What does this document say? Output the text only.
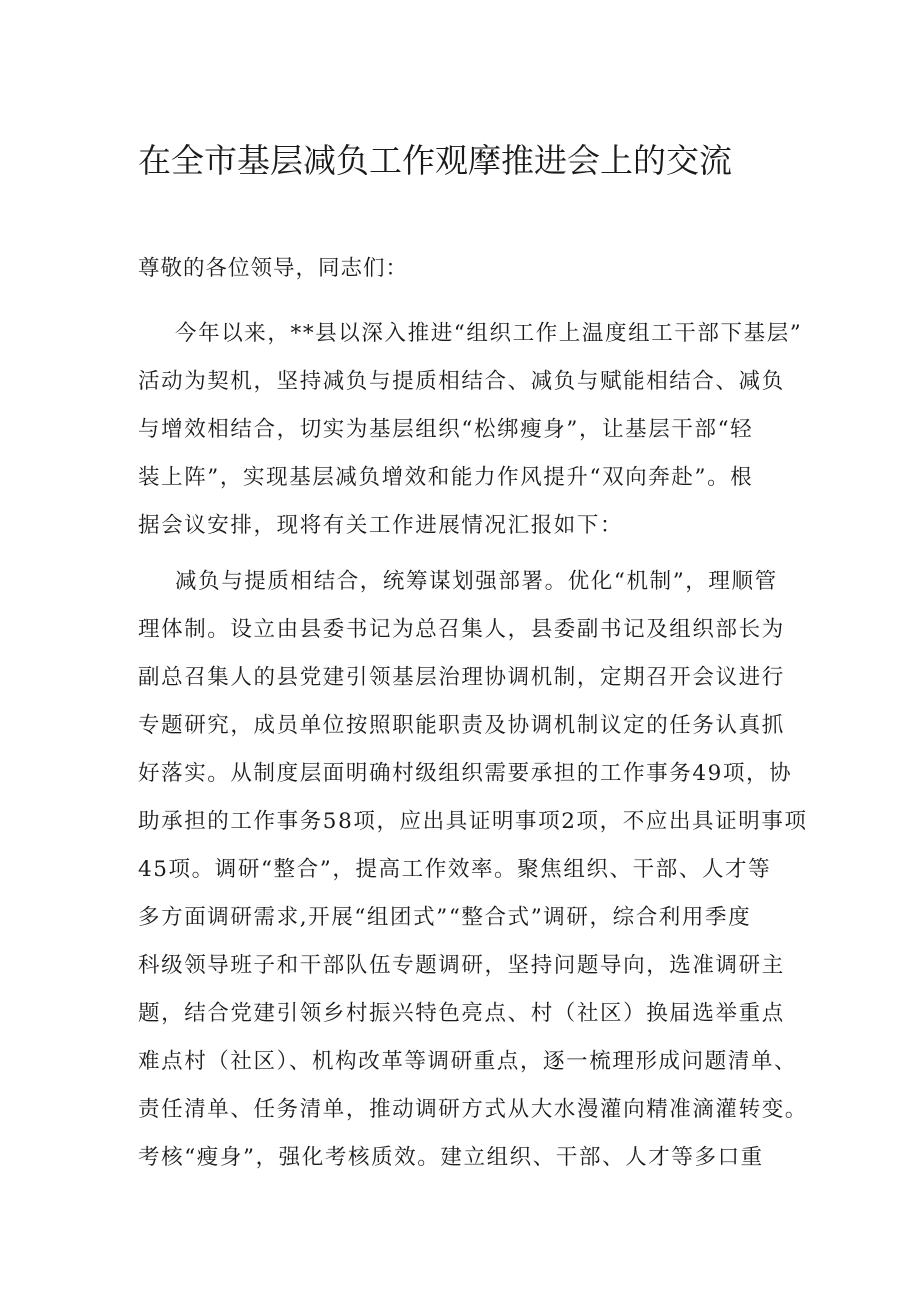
在全市基层减负工作观摩推进会上的交流
尊敬的各位领导，同志们：
今年以来，**县以深入推进“组织工作上温度组工干部下基层”
活动为契机，坚持减负与提质相结合、减负与赋能相结合、减负
与增效相结合，切实为基层组织“松绑瘦身”，让基层干部“轻
装上阵”，实现基层减负增效和能力作风提升“双向奔赴”。根
据会议安排，现将有关工作进展情况汇报如下：
减负与提质相结合，统筹谋划强部署。优化“机制”，理顺管
理体制。设立由县委书记为总召集人，县委副书记及组织部长为
副总召集人的县党建引领基层治理协调机制，定期召开会议进行
专题研究，成员单位按照职能职责及协调机制议定的任务认真抓
好落实。从制度层面明确村级组织需要承担的工作事务49项，协
助承担的工作事务58项，应出具证明事项2项，不应出具证明事项
45项。调研“整合”，提高工作效率。聚焦组织、干部、人才等
多方面调研需求,开展“组团式”“整合式”调研，综合利用季度
科级领导班子和干部队伍专题调研，坚持问题导向，选准调研主
题，结合党建引领乡村振兴特色亮点、村（社区）换届选举重点
难点村（社区）、机构改革等调研重点，逐一梳理形成问题清单、
责任清单、任务清单，推动调研方式从大水漫灌向精准滴灌转变。
考核“瘦身”，强化考核质效。建立组织、干部、人才等多口重
